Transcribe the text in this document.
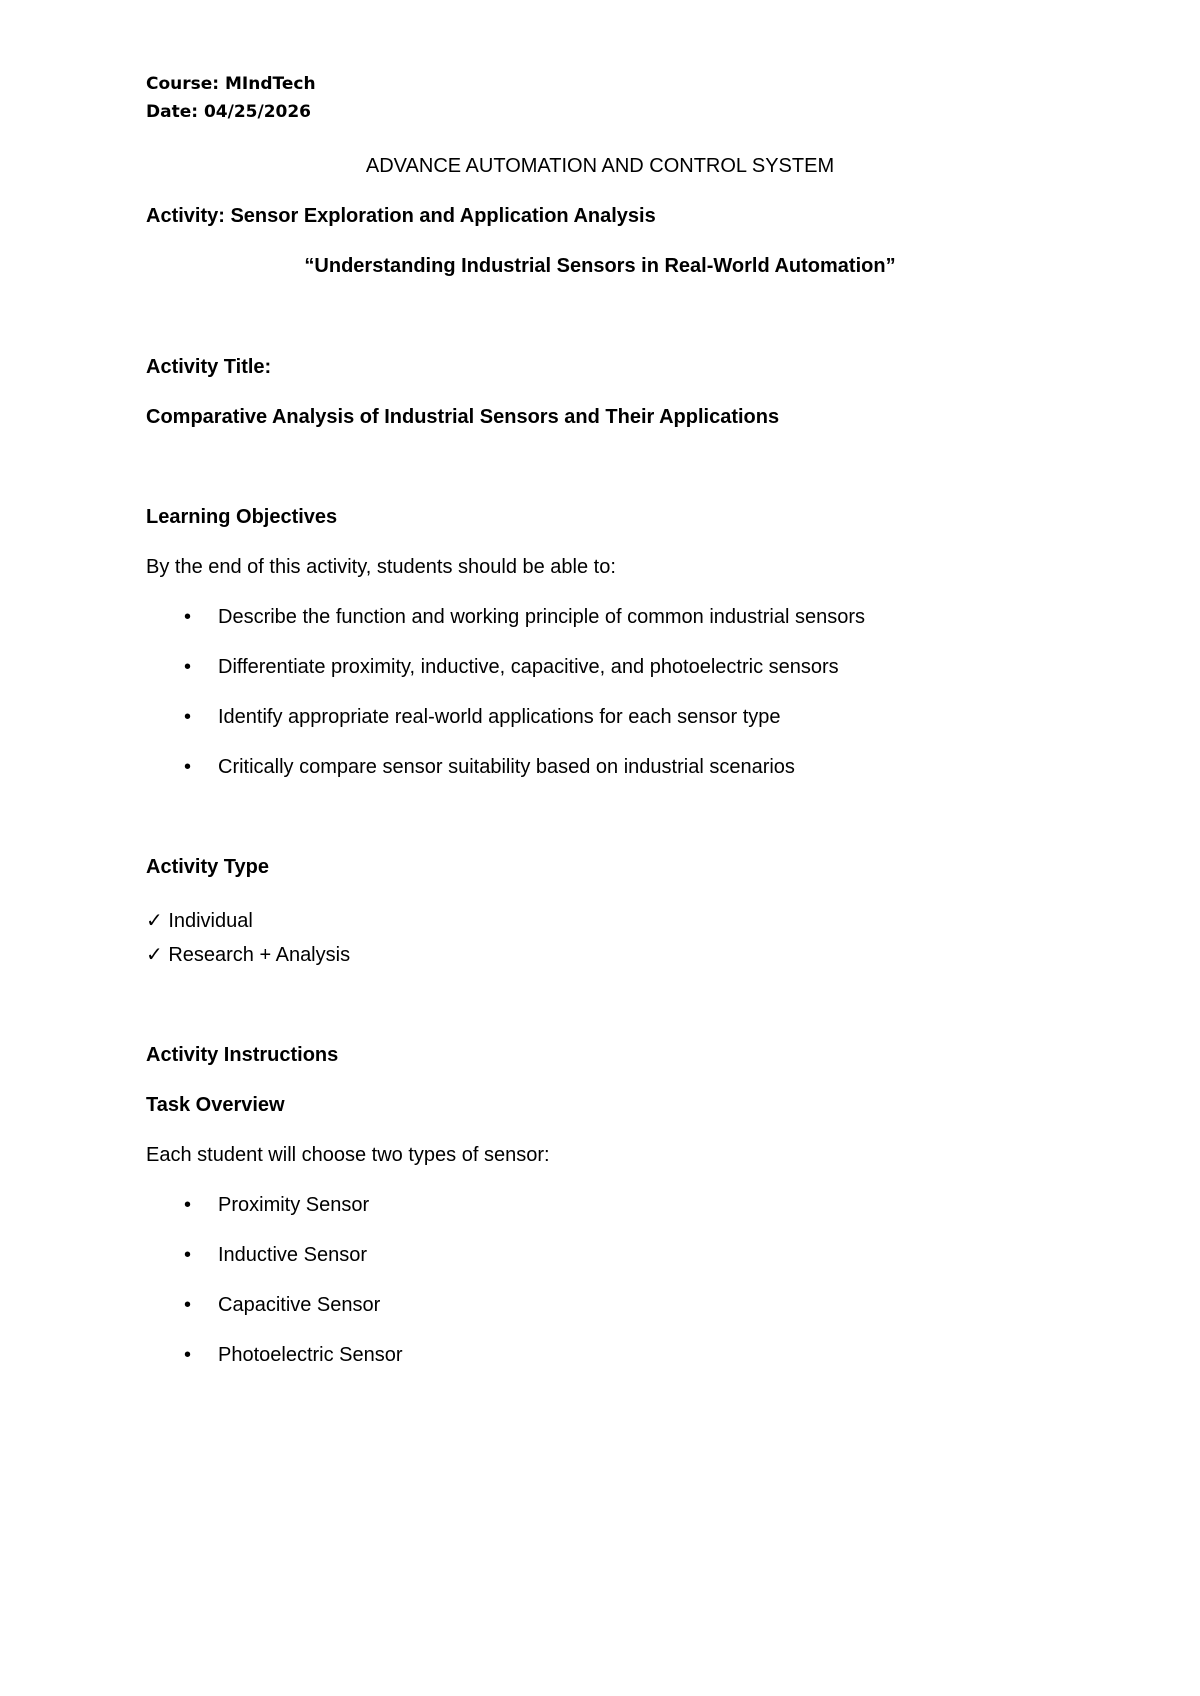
Course: MIndTech
Date: 04/25/2026
ADVANCE AUTOMATION AND CONTROL SYSTEM
Activity: Sensor Exploration and Application Analysis
“Understanding Industrial Sensors in Real-World Automation”
Activity Title:
Comparative Analysis of Industrial Sensors and Their Applications
Learning Objectives
By the end of this activity, students should be able to:
• Describe the function and working principle of common industrial sensors
• Differentiate proximity, inductive, capacitive, and photoelectric sensors
• Identify appropriate real-world applications for each sensor type
• Critically compare sensor suitability based on industrial scenarios
Activity Type
✓ Individual
✓ Research + Analysis
Activity Instructions
Task Overview
Each student will choose two types of sensor:
• Proximity Sensor
• Inductive Sensor
• Capacitive Sensor
• Photoelectric Sensor
